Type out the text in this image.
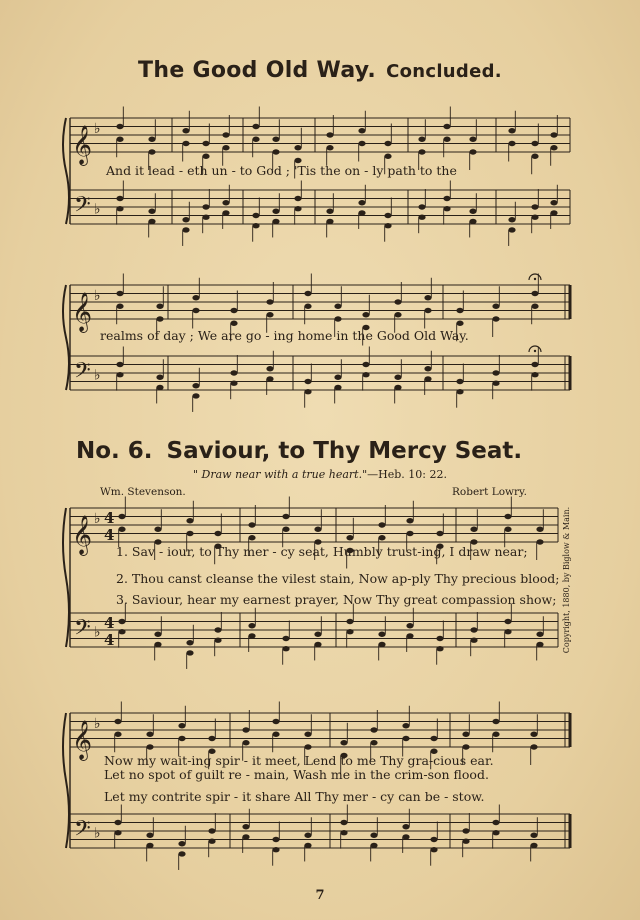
The Good Old Way. Concluded.
𝄞
𝄢
♭
♭
𝄞
𝄢
♭
♭
𝄞
𝄢
♭
♭
𝄞
𝄢
♭
♭
4
4
4
4
And it lead - eth un - to God ; 'Tis the on - ly path to the
realms of day ; We are go - ing home in the Good Old Way.
No. 6. Saviour, to Thy Mercy Seat.
" Draw near with a true heart."—Heb. 10: 22.
Wm. Stevenson.	Robert Lowry.
Copyright, 1880, by Biglow & Main.
1. Sav - iour, to Thy mer - cy seat, Humbly trust-ing, I draw near;
2. Thou canst cleanse the vilest stain, Now ap-ply Thy precious blood;
3. Saviour, hear my earnest prayer, Now Thy great compassion show;
Now my wait-ing spir - it meet, Lend to me Thy gra-cious ear.
Let no spot of guilt re - main, Wash me in the crim-son flood.
Let my contrite spir - it share All Thy mer - cy can be - stow.
7
